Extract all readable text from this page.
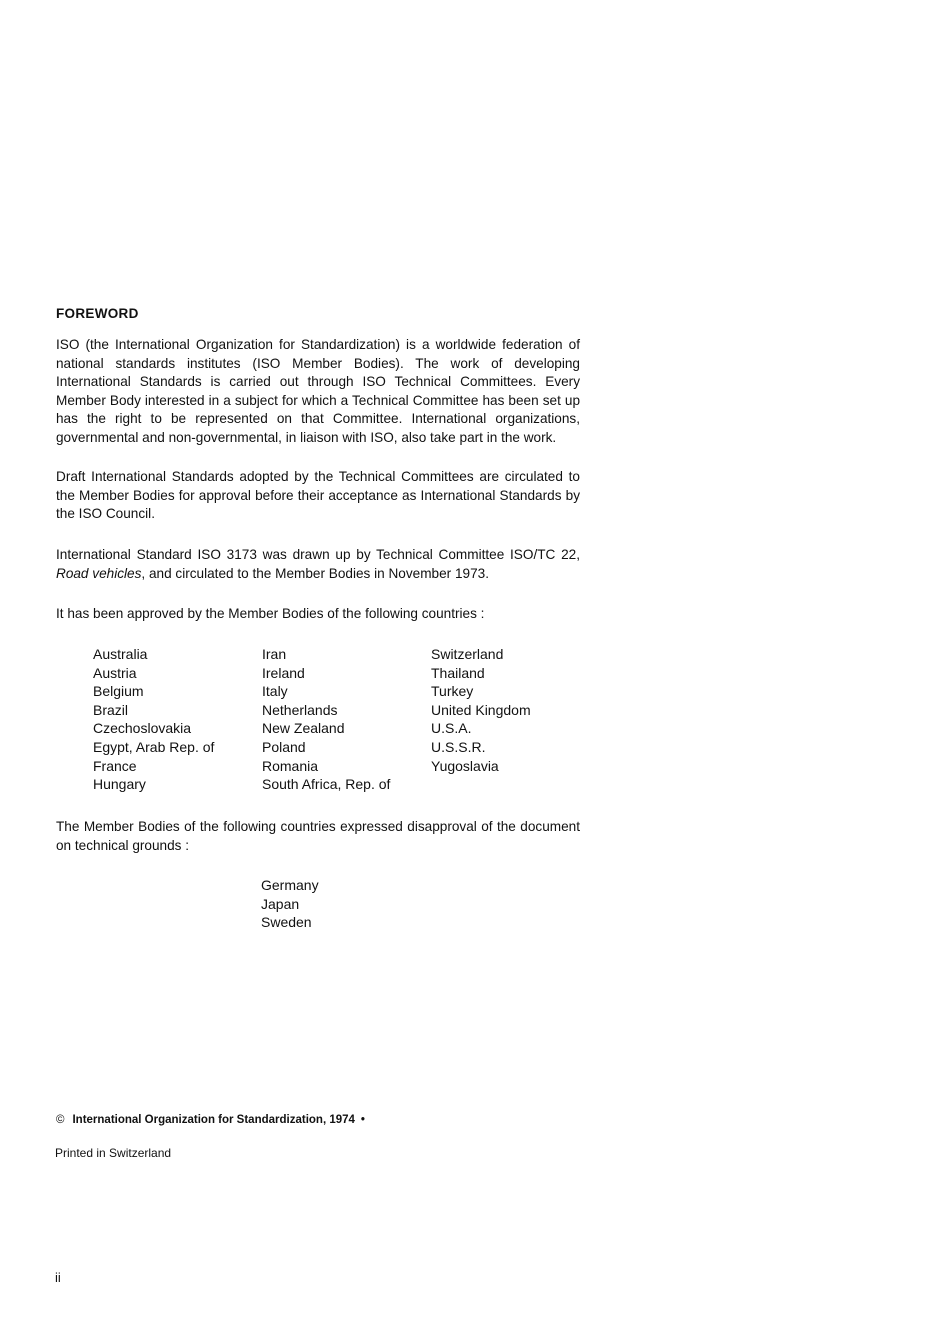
FOREWORD

ISO (the International Organization for Standardization) is a worldwide federation of national standards institutes (ISO Member Bodies). The work of developing International Standards is carried out through ISO Technical Committees. Every Member Body interested in a subject for which a Technical Committee has been set up has the right to be represented on that Committee. International organizations, governmental and non-governmental, in liaison with ISO, also take part in the work.

Draft International Standards adopted by the Technical Committees are circulated to the Member Bodies for approval before their acceptance as International Standards by the ISO Council.

International Standard ISO 3173 was drawn up by Technical Committee ISO/TC 22, Road vehicles, and circulated to the Member Bodies in November 1973.

It has been approved by the Member Bodies of the following countries :

Australia
Austria
Belgium
Brazil
Czechoslovakia
Egypt, Arab Rep. of
France
Hungary
Iran
Ireland
Italy
Netherlands
New Zealand
Poland
Romania
South Africa, Rep. of
Switzerland
Thailand
Turkey
United Kingdom
U.S.A.
U.S.S.R.
Yugoslavia

The Member Bodies of the following countries expressed disapproval of the document on technical grounds :

Germany
Japan
Sweden
© International Organization for Standardization, 1974 •
Printed in Switzerland
ii
